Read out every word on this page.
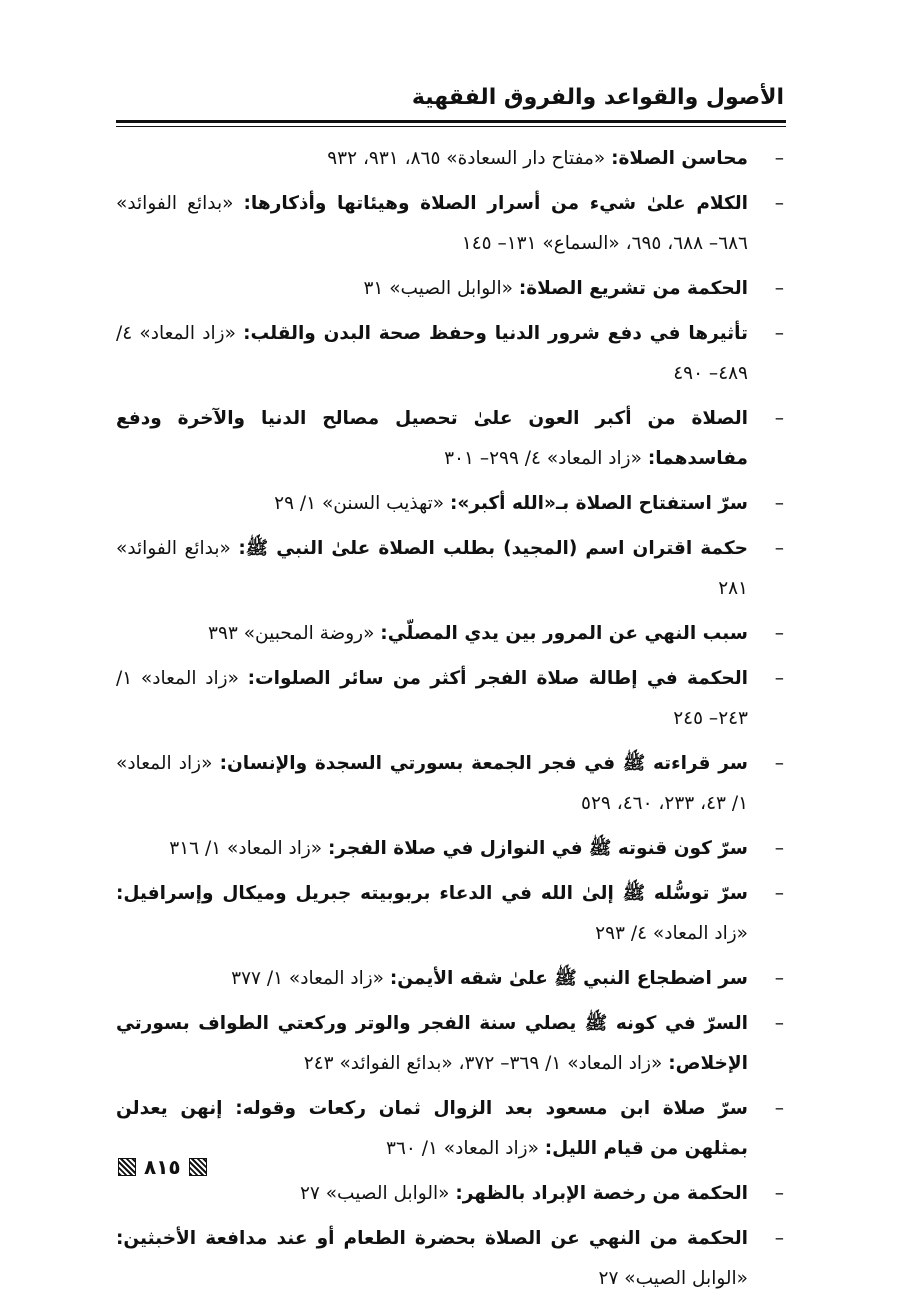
الأصول والقواعد والفروق الفقهية
–
محاسن الصلاة: «مفتاح دار السعادة» ٨٦٥، ٩٣١، ٩٣٢
–
الكلام علىٰ شيء من أسرار الصلاة وهيئاتها وأذكارها: «بدائع الفوائد» ٦٨٦– ٦٨٨، ٦٩٥، «السماع» ١٣١– ١٤٥
–
الحكمة من تشريع الصلاة: «الوابل الصيب» ٣١
–
تأثيرها في دفع شرور الدنيا وحفظ صحة البدن والقلب: «زاد المعاد» ٤/ ٤٨٩– ٤٩٠
–
الصلاة من أكبر العون علىٰ تحصيل مصالح الدنيا والآخرة ودفع مفاسدهما: «زاد المعاد» ٤/ ٢٩٩– ٣٠١
–
سرّ استفتاح الصلاة بـ«الله أكبر»: «تهذيب السنن» ١/ ٢٩
–
حكمة اقتران اسم (المجيد) بطلب الصلاة علىٰ النبي ﷺ: «بدائع الفوائد» ٢٨١
–
سبب النهي عن المرور بين يدي المصلّي: «روضة المحبين» ٣٩٣
–
الحكمة في إطالة صلاة الفجر أكثر من سائر الصلوات: «زاد المعاد» ١/ ٢٤٣– ٢٤٥
–
سر قراءته ﷺ في فجر الجمعة بسورتي السجدة والإنسان: «زاد المعاد» ١/ ٤٣، ٢٣٣، ٤٦٠، ٥٢٩
–
سرّ كون قنوته ﷺ في النوازل في صلاة الفجر: «زاد المعاد» ١/ ٣١٦
–
سرّ توسُّله ﷺ إلىٰ الله في الدعاء بربوبيته جبريل وميكال وإسرافيل: «زاد المعاد» ٤/ ٢٩٣
–
سر اضطجاع النبي ﷺ علىٰ شقه الأيمن: «زاد المعاد» ١/ ٣٧٧
–
السرّ في كونه ﷺ يصلي سنة الفجر والوتر وركعتي الطواف بسورتي الإخلاص: «زاد المعاد» ١/ ٣٦٩– ٣٧٢، «بدائع الفوائد» ٢٤٣
–
سرّ صلاة ابن مسعود بعد الزوال ثمان ركعات وقوله: إنهن يعدلن بمثلهن من قيام الليل: «زاد المعاد» ١/ ٣٦٠
–
الحكمة من رخصة الإبراد بالظهر: «الوابل الصيب» ٢٧
–
الحكمة من النهي عن الصلاة بحضرة الطعام أو عند مدافعة الأخبثين: «الوابل الصيب» ٢٧
٨١٥
